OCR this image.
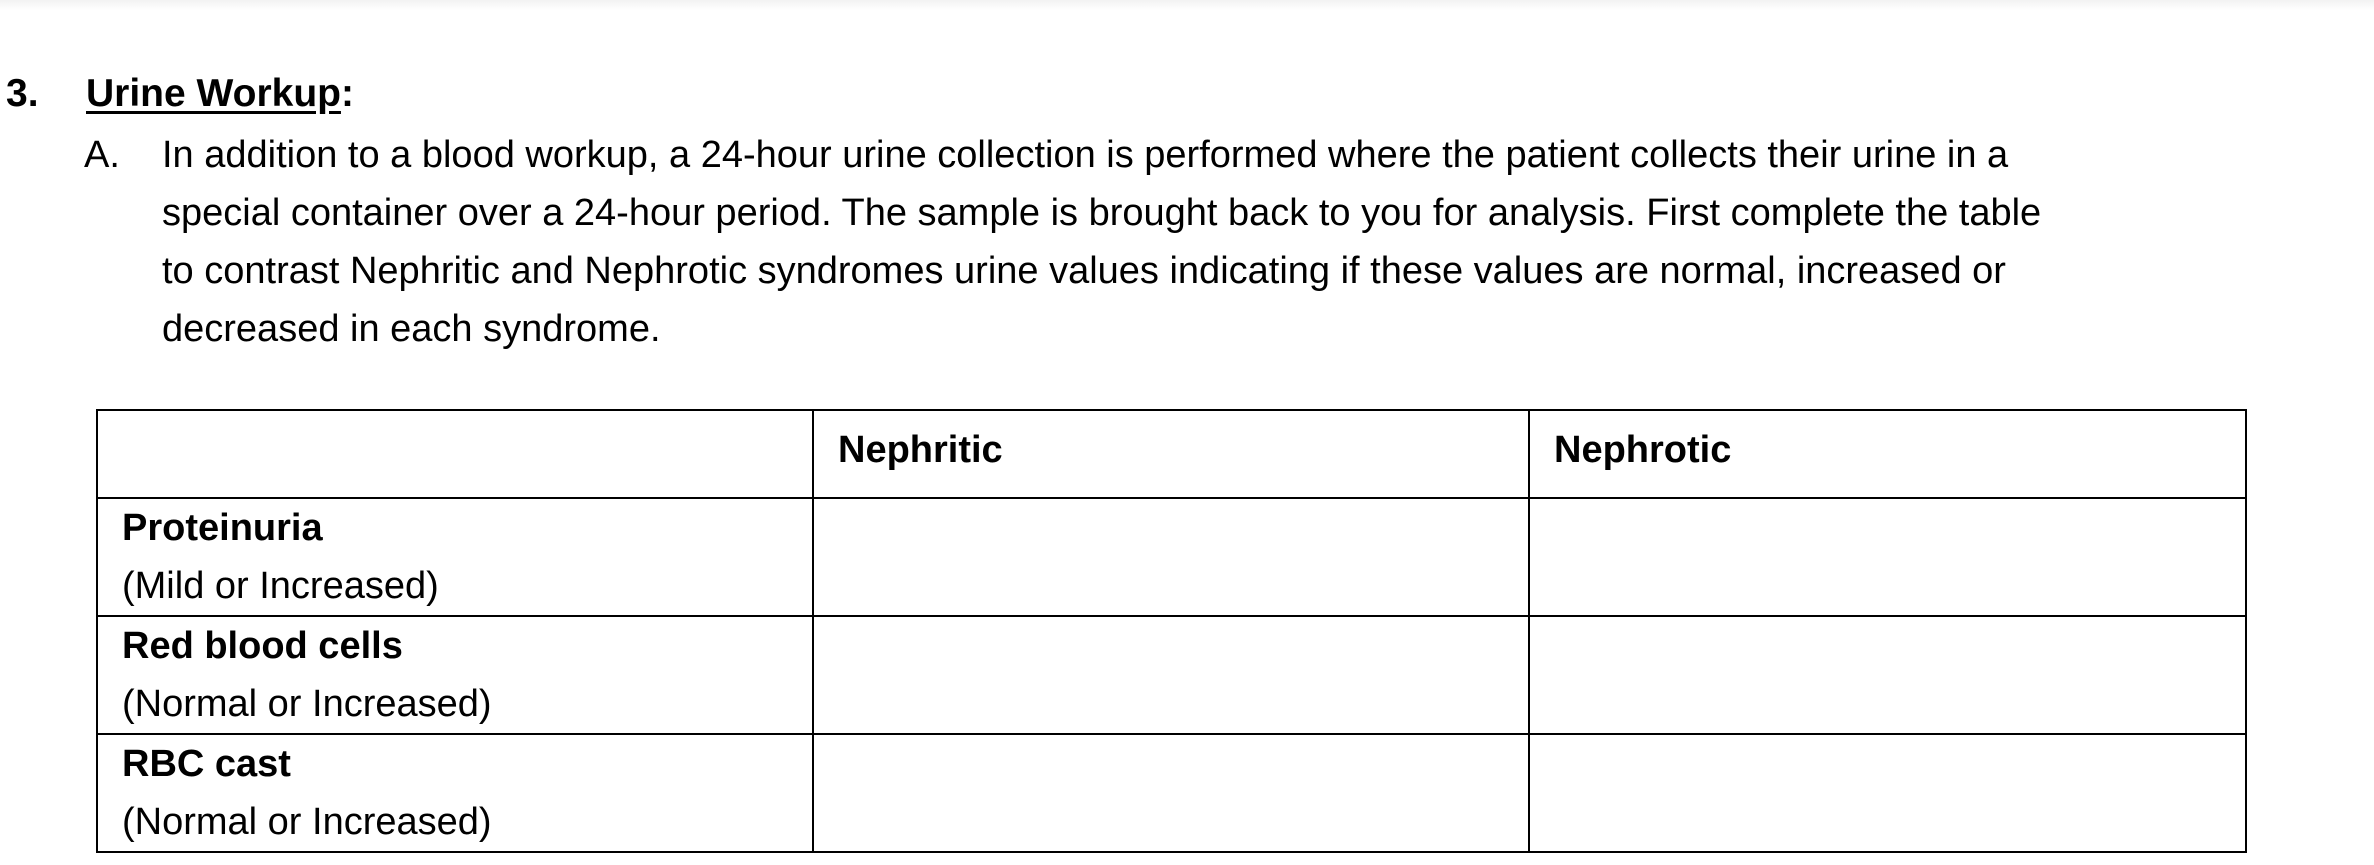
3. Urine Workup:
A. In addition to a blood workup, a 24-hour urine collection is performed where the patient collects their urine in a
special container over a 24-hour period. The sample is brought back to you for analysis. First complete the table
to contrast Nephritic and Nephrotic syndromes urine values indicating if these values are normal, increased or
decreased in each syndrome.
	Nephritic	Nephrotic

Proteinuria
(Mild or Increased)		

Red blood cells
(Normal or Increased)		

RBC cast
(Normal or Increased)		
